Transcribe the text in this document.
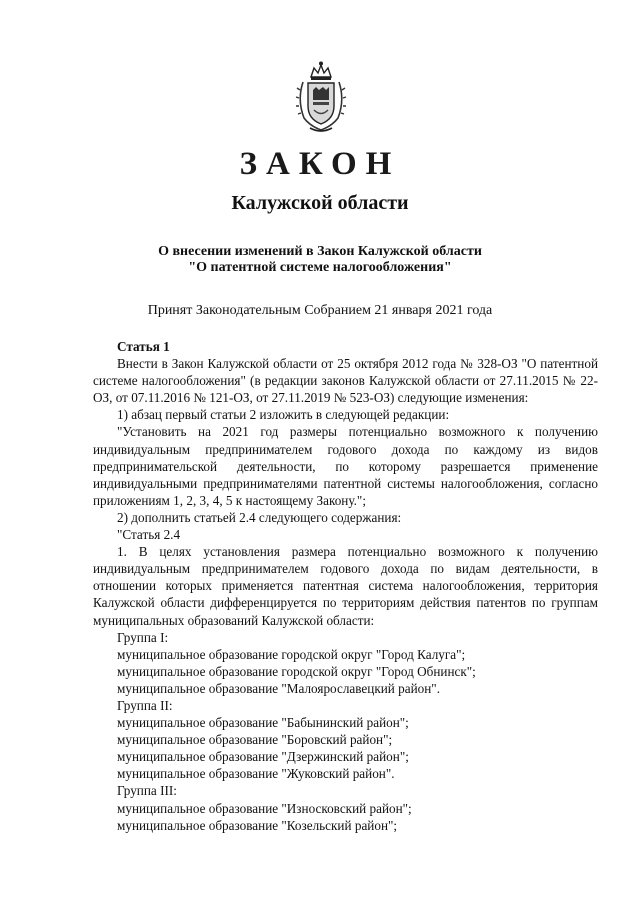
ЗАКОН
Калужской области
О внесении изменений в Закон Калужской области
"О патентной системе налогообложения"
Принят Законодательным Собранием 21 января 2021 года

Статья 1

Внести в Закон Калужской области от 25 октября 2012 года № 328-ОЗ "О патентной системе налогообложения" (в редакции законов Калужской области от 27.11.2015 № 22-ОЗ, от 07.11.2016 № 121-ОЗ, от 27.11.2019 № 523-ОЗ) следующие изменения:

1) абзац первый статьи 2 изложить в следующей редакции:

"Установить на 2021 год размеры потенциально возможного к получению индивидуальным предпринимателем годового дохода по каждому из видов предпринимательской деятельности, по которому разрешается применение индивидуальными предпринимателями патентной системы налогообложения, согласно приложениям 1, 2, 3, 4, 5 к настоящему Закону.";

2) дополнить статьей 2.4 следующего содержания:

"Статья 2.4

1. В целях установления размера потенциально возможного к получению индивидуальным предпринимателем годового дохода по видам деятельности, в отношении которых применяется патентная система налогообложения, территория Калужской области дифференцируется по территориям действия патентов по группам муниципальных образований Калужской области:

Группа I:

муниципальное образование городской округ "Город Калуга";

муниципальное образование городской округ "Город Обнинск";

муниципальное образование "Малоярославецкий район".

Группа II:

муниципальное образование "Бабынинский район";

муниципальное образование "Боровский район";

муниципальное образование "Дзержинский район";

муниципальное образование "Жуковский район".

Группа III:

муниципальное образование "Износковский район";

муниципальное образование "Козельский район";
